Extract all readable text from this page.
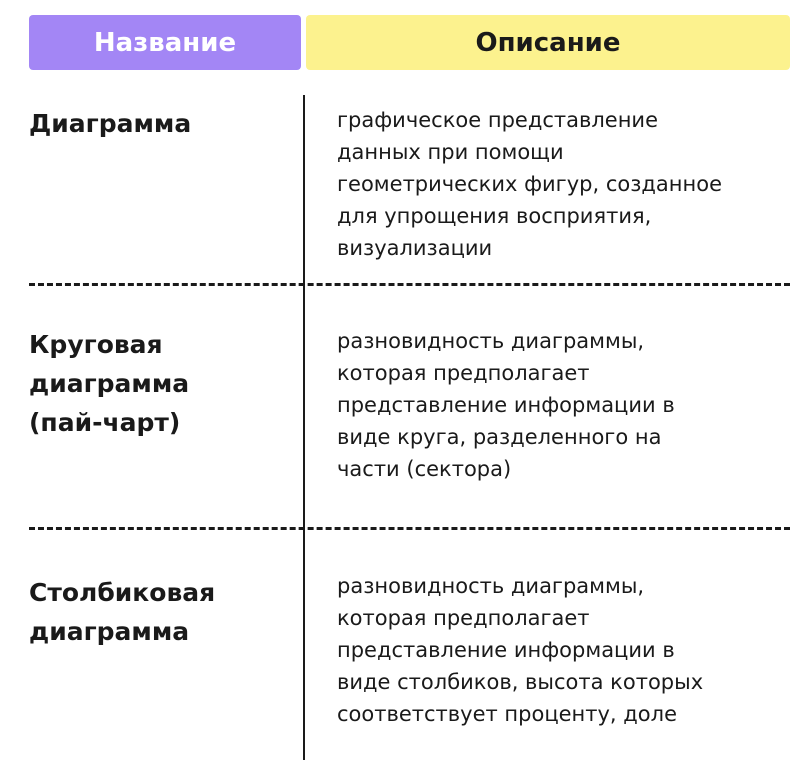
Название	Описание
Диаграмма	графическое представление
данных при помощи
геометрических фигур, созданное
для упрощения восприятия,
визуализации
Круговая
диаграмма
(пай-чарт)
разновидность диаграммы,
которая предполагает
представление информации в
виде круга, разделенного на
части (сектора)
Столбиковая
диаграмма
разновидность диаграммы,
которая предполагает
представление информации в
виде столбиков, высота которых
соответствует проценту, доле
